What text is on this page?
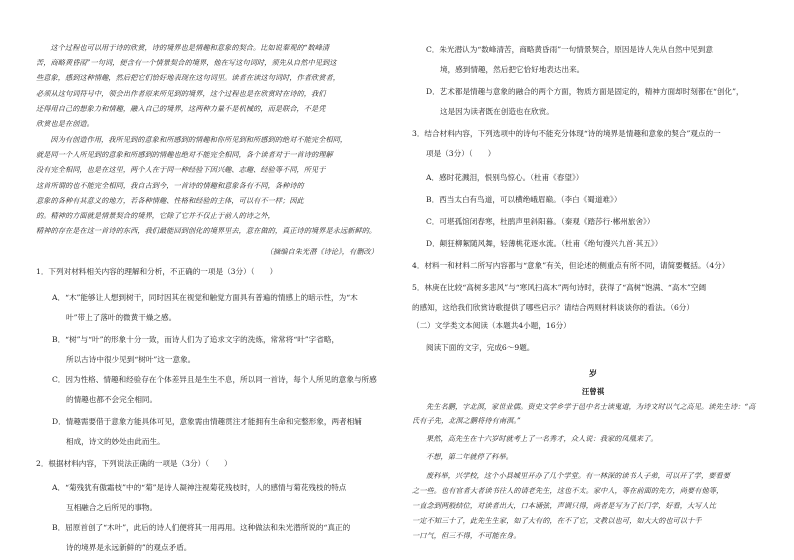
这个过程也可以用于诗的欣赏，诗的境界也是情趣和意象的契合。比如说秦观的“数峰清
苦，商略黄昏雨”一句词，便含有一个情景契合的境界，他在写这句词时，须先从自然中见到这
些意象，感到这种情趣，然后把它们恰好地表现在这句词里。读者在读这句词时，作者欣赏者，
必须从这句词符号中，领会出作者原来所见到的境界，这个过程也是在欣赏时在诗的，我们
还得用自己的想象力和情趣，融入自己的境界，这两种力量不是机械的，而是联合，不是凭
欣赏也是在创造。
因为有创造作用，我所见到的意象和所感到的情趣和你所见到和所感到的绝对不能完全相同，
就是同一个人所见到的意象和所感到的情趣也绝对不能完全相同，各个读者对于一首诗的理解
没有完全相同，也是在这里，两个人在于同一种经验下因兴趣、志趣、经验等不同，所见于
这首所谓的也不能完全相同，我自古到今，一首诗的情趣和意象各有不同，各种诗的
意象的各种有其意义的地方，若各种情趣、性格和经验的主体，可以有不一样；因此
的。精神的方面就是情景契合的境界，它除了它并不仅止于前人的诗之外，
精神的存在是在这一首诗的东西，我们最能回到创化的境界里去，意在做的，真正诗的境界是永远新鲜的。
（摘编自朱光潜《诗论》，有删改）
1．下列对材料相关内容的理解和分析，不正确的一项是（3分）（　　）
A．“木”能够让人想到树干，同时因其在视觉和触觉方面具有普遍的情感上的暗示性，为“木
叶”带上了落叶的微黄干燥之感。
B．“树”与“叶”的形象十分一致，而诗人们为了追求文字的洗炼，常常将“叶”字省略，
所以古诗中很少见到“树叶”这一意象。
C．因为性格、情趣和经验存在个体差异且是生生不息，所以同一首诗，每个人所见的意象与所感
的情趣也都不会完全相同。
D．情趣需要借于意象方能具体可见，意象需由情趣贯注才能拥有生命和完整形象，两者相辅
相成，诗文的妙处由此而生。
2．根据材料内容，下列说法正确的一项是（3分）（　　）
A．“菊残犹有傲霜枝”中的“菊”是诗人凝神注视菊花残枝时，人的感情与菊花残枝的特点
互相融合之后所见的事物。
B．屈原首创了“木叶”，此后的诗人们便将其一用再用。这种做法和朱光潜所说的“真正的
诗的境界是永远新鲜的”的观点矛盾。
C．朱光潜认为“数峰清苦，商略黄昏雨”一句情景契合，原因是诗人先从自然中见到意
境，感到情趣，然后把它恰好地表达出来。
D．艺术都是情趣与意象的融合的两个方面，物质方面是固定的，精神方面却时刻都在“创化”，
这是因为读者既在创造也在欣赏。
3．结合材料内容，下列选项中的诗句不能充分体现“诗的境界是情趣和意象的契合”观点的一
项是（3分）（　　）
A．感时花溅泪，恨别鸟惊心。（杜甫《春望》）
B．西当太白有鸟道，可以横绝峨眉巅。（李白《蜀道难》）
C．可堪孤馆闭春寒，杜鹃声里斜阳暮。（秦观《踏莎行·郴州旅舍》）
D．颠狂柳絮随风舞，轻薄桃花逐水流。（杜甫《绝句漫兴九首·其五》）
4．材料一和材料二所写内容都与“意象”有关，但论述的侧重点有所不同，请简要概括。（4分）
5．林庚在比较“高树多悲风”与“寒风扫高木”两句诗时，获得了“高树”饱满、“高木”空阔
的感知，这给我们欣赏诗歌提供了哪些启示？请结合两则材料谈谈你的看法。（6分）
（二）文学类文本阅读（本题共4小题，16分）
阅读下面的文字，完成6～9题。
岁
汪曾祺
先生名鹏，字北溟，家世业儒。资史文学乡学于邑中名士读鬼道，为诗文时以气之高见。读先生诗：“高
氏有子先，北溟之鹏将待有南溟。”
果然，高先生在十六岁时就考上了一名秀才，众人说：我家的凤凰来了。
不想，第二年就停了科举。
废科举，兴学校，这个小县城里开办了几个学堂。有一林深的读书人子弟，可以开了学，要看要
之一些。也有官者大者读书往人的请老先生，这也不太。家中人，等在前面的先方，尚要有他等，
一直念到两般结位，对读者出大，口本诵弦，声调只得，尚者是写为了长门学，好看，大写人比
一定不知三十了，此先生生家，如了大有的，在不了它，文教以也可，如大大的也可以十千
一口气，但三不得，不可能在身。
